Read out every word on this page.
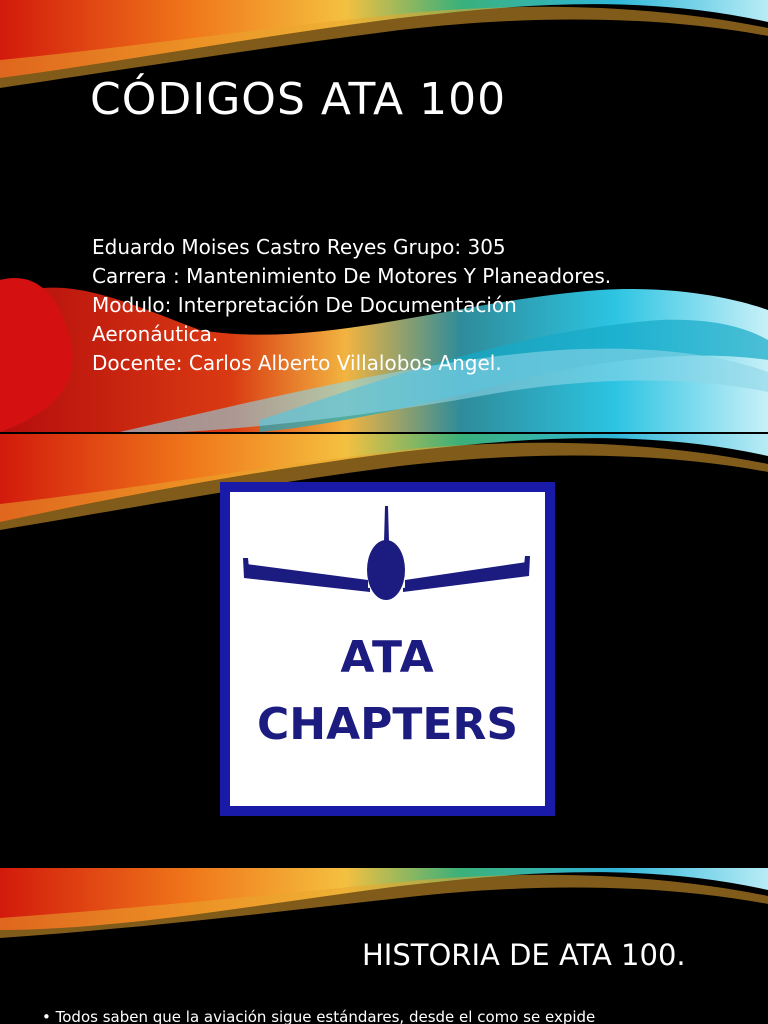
CÓDIGOS ATA 100
Eduardo Moises Castro Reyes Grupo: 305
Carrera : Mantenimiento De Motores Y Planeadores.
Modulo: Interpretación De Documentación
Aeronáutica.
Docente: Carlos Alberto Villalobos Angel.
ATA
CHAPTERS
HISTORIA DE ATA 100.
• Todos saben que la aviación sigue estándares, desde el como se expide
